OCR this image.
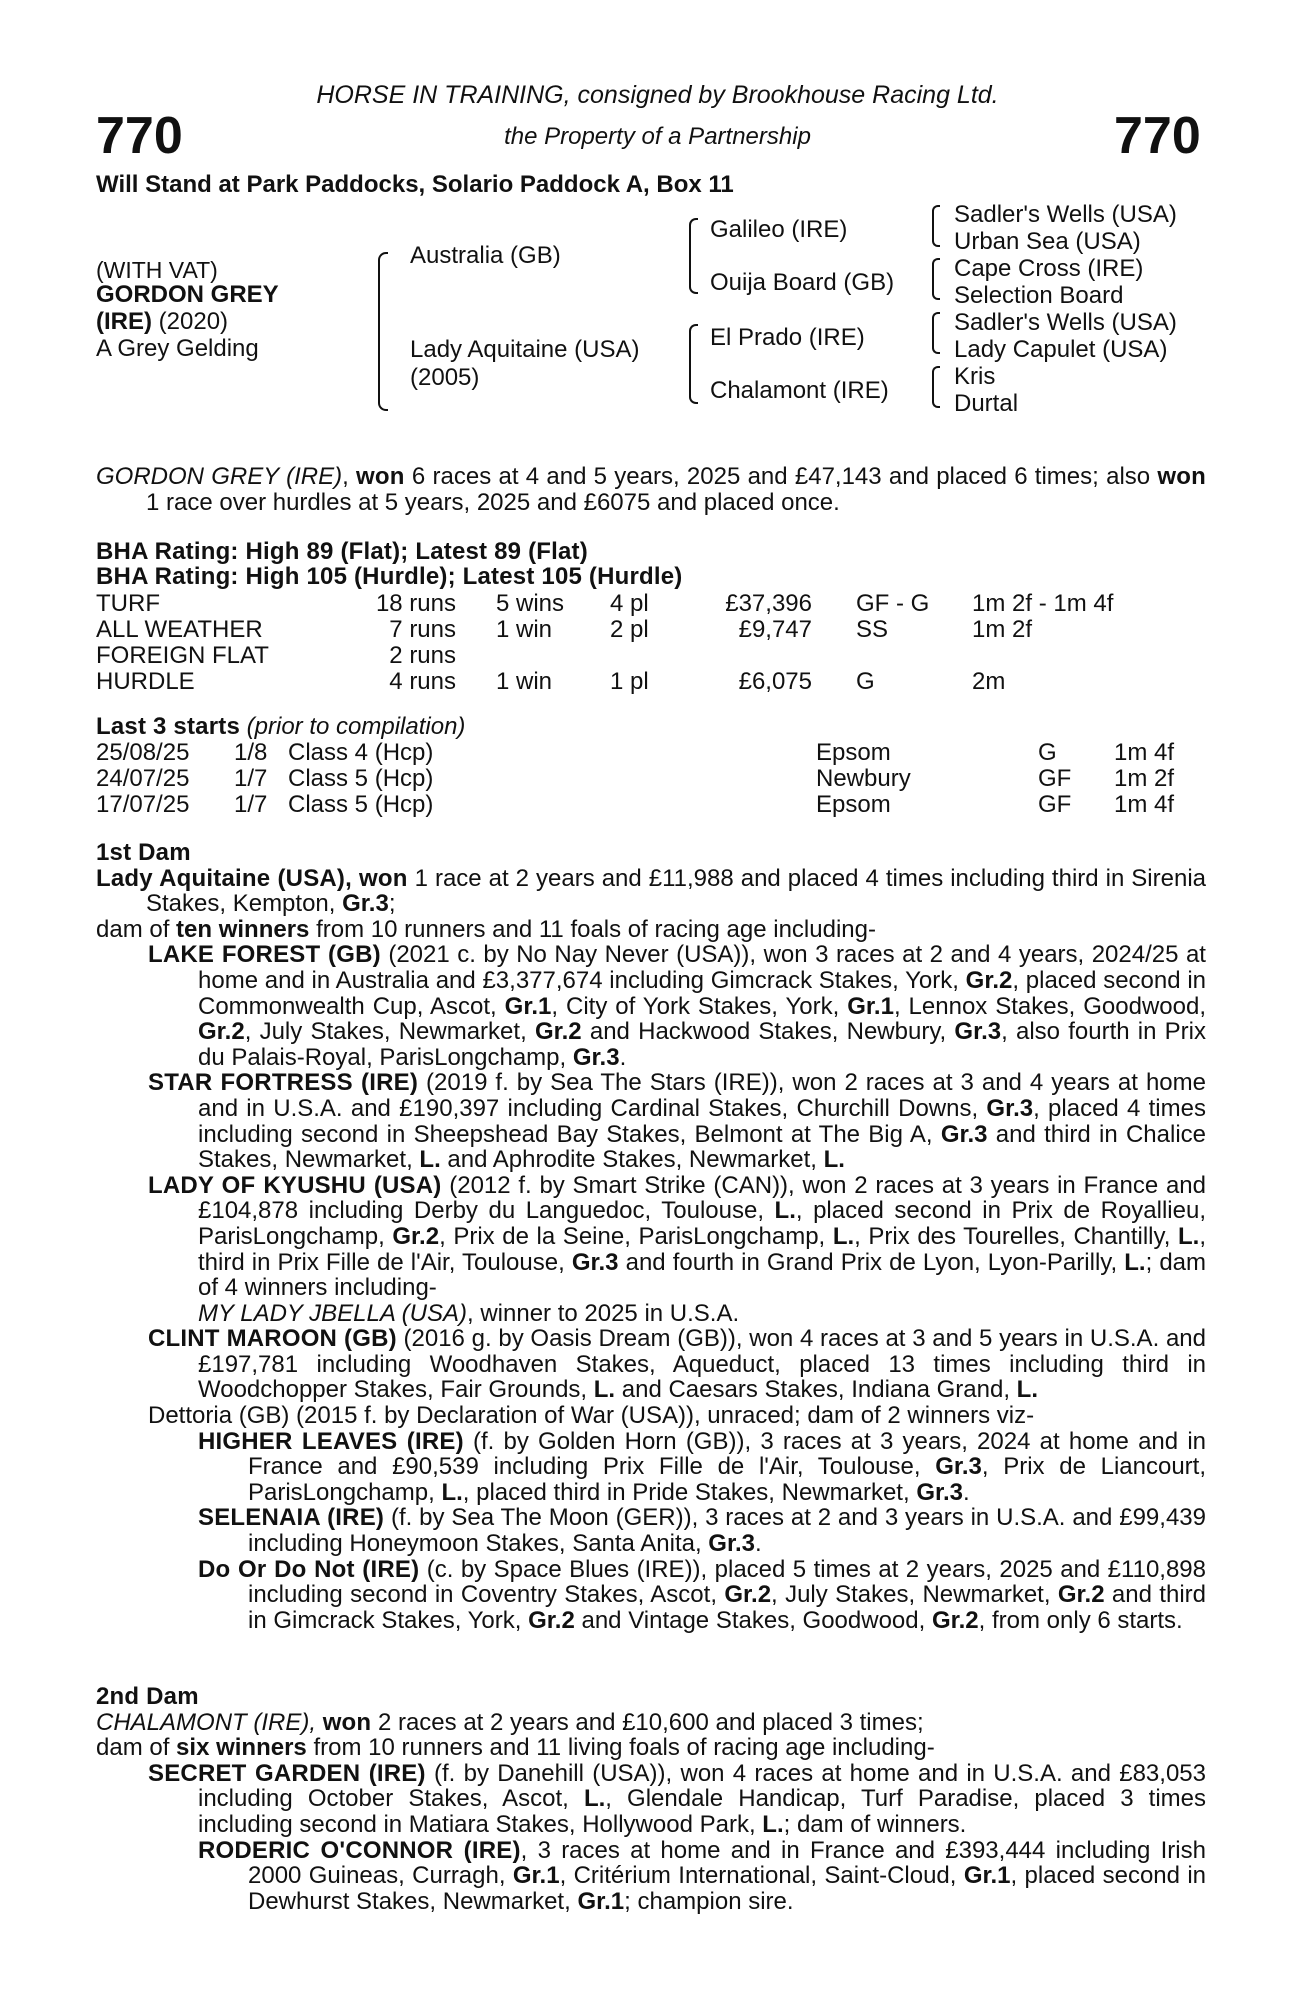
770	770
HORSE IN TRAINING, consigned by Brookhouse Racing Ltd.
the Property of a Partnership
Will Stand at Park Paddocks, Solario Paddock A, Box 11
(WITH VAT)
GORDON GREY
(IRE) (2020)
A Grey Gelding
Australia (GB)
Lady Aquitaine (USA)
(2005)
Galileo (IRE)
Ouija Board (GB)
El Prado (IRE)
Chalamont (IRE)
Sadler's Wells (USA)
Urban Sea (USA)
Cape Cross (IRE)
Selection Board
Sadler's Wells (USA)
Lady Capulet (USA)
Kris
Durtal
GORDON GREY (IRE), won 6 races at 4 and 5 years, 2025 and £47,143 and placed 6 times; also won 1 race over hurdles at 5 years, 2025 and £6075 and placed once.
BHA Rating: High 89 (Flat); Latest 89 (Flat)
BHA Rating: High 105 (Hurdle); Latest 105 (Hurdle)
TURF	18 runs 5 wins 4 pl	£37,396 GF - G 1m 2f - 1m 4f
ALL WEATHER	7 runs 1 win 2 pl	£9,747 SS	1m 2f
FOREIGN FLAT	2 runs
HURDLE	4 runs 1 win 1 pl	£6,075 G	2m
Last 3 starts (prior to compilation)
25/08/25 1/8 Class 4 (Hcp)	Epsom	G 1m 4f
24/07/25 1/7 Class 5 (Hcp)	Newbury	GF 1m 2f
17/07/25 1/7 Class 5 (Hcp)	Epsom	GF 1m 4f
1st Dam
Lady Aquitaine (USA), won 1 race at 2 years and £11,988 and placed 4 times including third in Sirenia Stakes, Kempton, Gr.3;
dam of ten winners from 10 runners and 11 foals of racing age including-
LAKE FOREST (GB) (2021 c. by No Nay Never (USA)), won 3 races at 2 and 4 years, 2024/25 at home and in Australia and £3,377,674 including Gimcrack Stakes, York, Gr.2, placed second in Commonwealth Cup, Ascot, Gr.1, City of York Stakes, York, Gr.1, Lennox Stakes, Goodwood, Gr.2, July Stakes, Newmarket, Gr.2 and Hackwood Stakes, Newbury, Gr.3, also fourth in Prix du Palais-Royal, ParisLongchamp, Gr.3.
STAR FORTRESS (IRE) (2019 f. by Sea The Stars (IRE)), won 2 races at 3 and 4 years at home and in U.S.A. and £190,397 including Cardinal Stakes, Churchill Downs, Gr.3, placed 4 times including second in Sheepshead Bay Stakes, Belmont at The Big A, Gr.3 and third in Chalice Stakes, Newmarket, L. and Aphrodite Stakes, Newmarket, L.
LADY OF KYUSHU (USA) (2012 f. by Smart Strike (CAN)), won 2 races at 3 years in France and £104,878 including Derby du Languedoc, Toulouse, L., placed second in Prix de Royallieu, ParisLongchamp, Gr.2, Prix de la Seine, ParisLongchamp, L., Prix des Tourelles, Chantilly, L., third in Prix Fille de l'Air, Toulouse, Gr.3 and fourth in Grand Prix de Lyon, Lyon-Parilly, L.; dam of 4 winners including-
MY LADY JBELLA (USA), winner to 2025 in U.S.A.
CLINT MAROON (GB) (2016 g. by Oasis Dream (GB)), won 4 races at 3 and 5 years in U.S.A. and £197,781 including Woodhaven Stakes, Aqueduct, placed 13 times including third in Woodchopper Stakes, Fair Grounds, L. and Caesars Stakes, Indiana Grand, L.
Dettoria (GB) (2015 f. by Declaration of War (USA)), unraced; dam of 2 winners viz-
HIGHER LEAVES (IRE) (f. by Golden Horn (GB)), 3 races at 3 years, 2024 at home and in France and £90,539 including Prix Fille de l'Air, Toulouse, Gr.3, Prix de Liancourt, ParisLongchamp, L., placed third in Pride Stakes, Newmarket, Gr.3.
SELENAIA (IRE) (f. by Sea The Moon (GER)), 3 races at 2 and 3 years in U.S.A. and £99,439 including Honeymoon Stakes, Santa Anita, Gr.3.
Do Or Do Not (IRE) (c. by Space Blues (IRE)), placed 5 times at 2 years, 2025 and £110,898 including second in Coventry Stakes, Ascot, Gr.2, July Stakes, Newmarket, Gr.2 and third in Gimcrack Stakes, York, Gr.2 and Vintage Stakes, Goodwood, Gr.2, from only 6 starts.
2nd Dam
CHALAMONT (IRE), won 2 races at 2 years and £10,600 and placed 3 times;
dam of six winners from 10 runners and 11 living foals of racing age including-
SECRET GARDEN (IRE) (f. by Danehill (USA)), won 4 races at home and in U.S.A. and £83,053 including October Stakes, Ascot, L., Glendale Handicap, Turf Paradise, placed 3 times including second in Matiara Stakes, Hollywood Park, L.; dam of winners.
RODERIC O'CONNOR (IRE), 3 races at home and in France and £393,444 including Irish 2000 Guineas, Curragh, Gr.1, Critérium International, Saint-Cloud, Gr.1, placed second in Dewhurst Stakes, Newmarket, Gr.1; champion sire.
